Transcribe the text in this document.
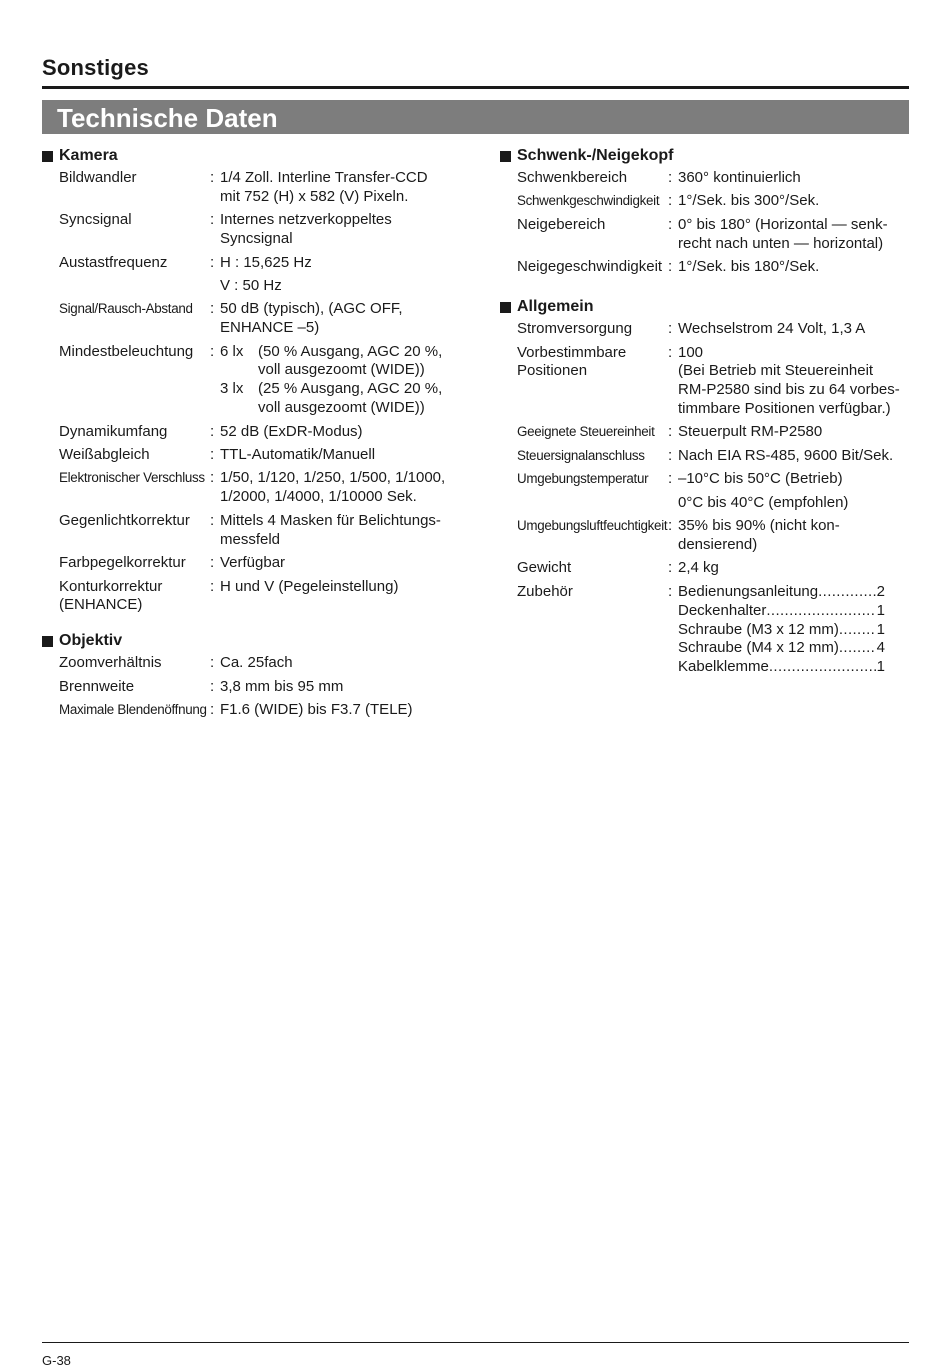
Sonstiges
Technische Daten
Kamera
Bildwandler	: 1/4 Zoll. Interline Transfer-CCD
mit 752 (H) x 582 (V) Pixeln.
Syncsignal	: Internes netzverkoppeltes
Syncsignal
Austastfrequenz	: H : 15,625 Hz
V : 50 Hz
Signal/Rausch-Abstand	: 50 dB (typisch), (AGC OFF,
ENHANCE –5)
Mindestbeleuchtung	: 6 lx (50 % Ausgang, AGC 20 %,
voll ausgezoomt (WIDE))
3 lx (25 % Ausgang, AGC 20 %,
voll ausgezoomt (WIDE))
Dynamikumfang	: 52 dB (ExDR-Modus)
Weißabgleich	: TTL-Automatik/Manuell
Elektronischer Verschluss : 1/50, 1/120, 1/250, 1/500, 1/1000,
1/2000, 1/4000, 1/10000 Sek.
Gegenlichtkorrektur	: Mittels 4 Masken für Belichtungs-
messfeld
Farbpegelkorrektur	: Verfügbar
Konturkorrektur
(ENHANCE)
: H und V (Pegeleinstellung)
Objektiv
Zoomverhältnis	: Ca. 25fach
Brennweite	: 3,8 mm bis 95 mm
Maximale Blendenöffnung : F1.6 (WIDE) bis F3.7 (TELE)
Schwenk-/Neigekopf
Schwenkbereich	: 360° kontinuierlich
Schwenkgeschwindigkeit : 1°/Sek. bis 300°/Sek.
Neigebereich	: 0° bis 180° (Horizontal — senk-
recht nach unten — horizontal)
Neigegeschwindigkeit : 1°/Sek. bis 180°/Sek.
Allgemein
Stromversorgung	: Wechselstrom 24 Volt, 1,3 A
Vorbestimmbare
Positionen
: 100
(Bei Betrieb mit Steuereinheit
RM-P2580 sind bis zu 64 vorbes-
timmbare Positionen verfügbar.)
Geeignete Steuereinheit : Steuerpult RM-P2580
Steuersignalanschluss	: Nach EIA RS-485, 9600 Bit/Sek.
Umgebungstemperatur	: –10°C bis 50°C (Betrieb)
0°C bis 40°C (empfohlen)
Umgebungsluftfeuchtigkeit : 35% bis 90% (nicht kon-
densierend)
Gewicht	: 2,4 kg
Zubehör	: Bedienungsanleitung . . .	2
Deckenhalter . . .	1
Schraube (M3 x 12 mm) . . .	1
Schraube (M4 x 12 mm) . . .	4
Kabelklemme . . .	1
G-38
